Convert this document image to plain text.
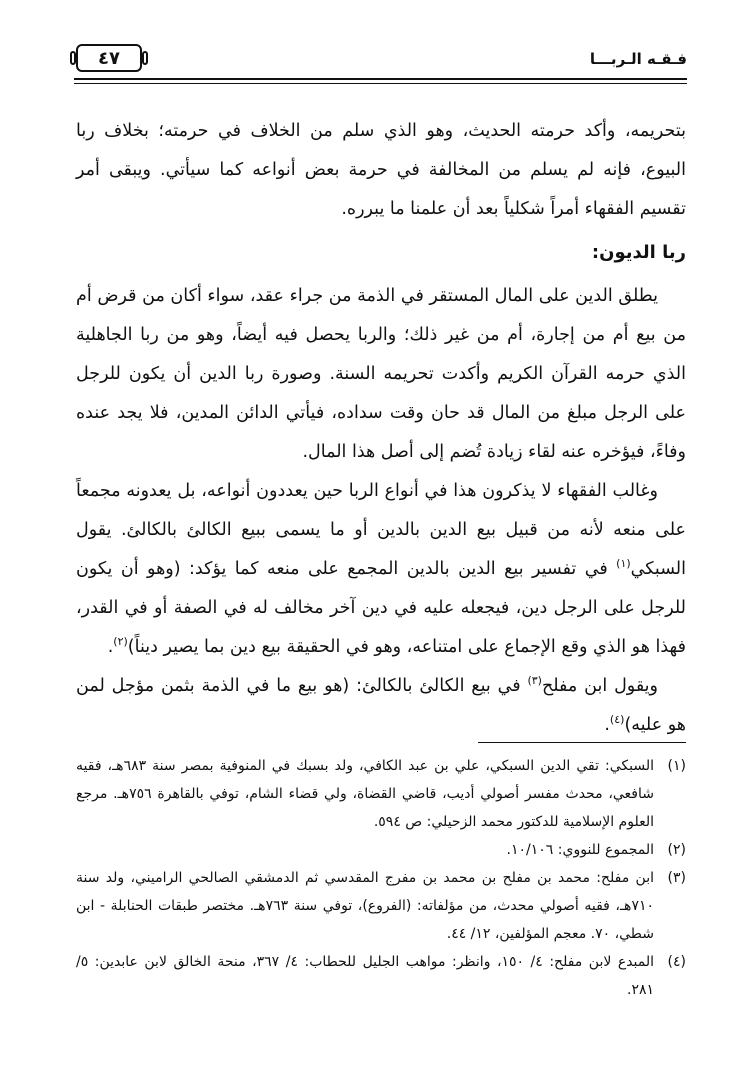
فـقـه الـربـــا
٤٧

بتحريمه، وأكد حرمته الحديث، وهو الذي سلم من الخلاف في حرمته؛ بخلاف ربا البيوع، فإنه لم يسلم من المخالفة في حرمة بعض أنواعه كما سيأتي. ويبقى أمر تقسيم الفقهاء أمراً شكلياً بعد أن علمنا ما يبرره.

ربا الديون:

يطلق الدين على المال المستقر في الذمة من جراء عقد، سواء أكان من قرض أم من بيع أم من إجارة، أم من غير ذلك؛ والربا يحصل فيه أيضاً، وهو من ربا الجاهلية الذي حرمه القرآن الكريم وأكدت تحريمه السنة. وصورة ربا الدين أن يكون للرجل على الرجل مبلغ من المال قد حان وقت سداده، فيأتي الدائن المدين، فلا يجد عنده وفاءً، فيؤخره عنه لقاء زيادة تُضم إلى أصل هذا المال.

وغالب الفقهاء لا يذكرون هذا في أنواع الربا حين يعددون أنواعه، بل يعدونه مجمعاً على منعه لأنه من قبيل بيع الدين بالدين أو ما يسمى ببيع الكالئ بالكالئ. يقول السبكي$^{(١)}$ في تفسير بيع الدين بالدين المجمع على منعه كما يؤكد: (وهو أن يكون للرجل على الرجل دين، فيجعله عليه في دين آخر مخالف له في الصفة أو في القدر، فهذا هو الذي وقع الإجماع على امتناعه، وهو في الحقيقة بيع دين بما يصير ديناً)$^{(٢)}$.

ويقول ابن مفلح$^{(٣)}$ في بيع الكالئ بالكالئ: (هو بيع ما في الذمة بثمن مؤجل لمن هو عليه)$^{(٤)}$.

(١)
السبكي: تقي الدين السبكي، علي بن عبد الكافي، ولد بسبك في المنوفية بمصر سنة ٦٨٣هـ، فقيه شافعي، محدث مفسر أصولي أديب، قاضي القضاة، ولي قضاء الشام، توفي بالقاهرة ٧٥٦هـ. مرجع العلوم الإسلامية للدكتور محمد الزحيلي: ص ٥٩٤.
(٢)
المجموع للنووي: ١٠/١٠٦.
(٣)
ابن مفلح: محمد بن مفلح بن محمد بن مفرج المقدسي ثم الدمشقي الصالحي الراميني، ولد سنة ٧١٠هـ، فقيه أصولي محدث، من مؤلفاته: (الفروع)، توفي سنة ٧٦٣هـ. مختصر طبقات الحنابلة - ابن شطي، ٧٠. معجم المؤلفين، ١٢/ ٤٤.
(٤)
المبدع لابن مفلح: ٤/ ١٥٠، وانظر: مواهب الجليل للحطاب: ٤/ ٣٦٧، منحة الخالق لابن عابدين: ٥/ ٢٨١.
